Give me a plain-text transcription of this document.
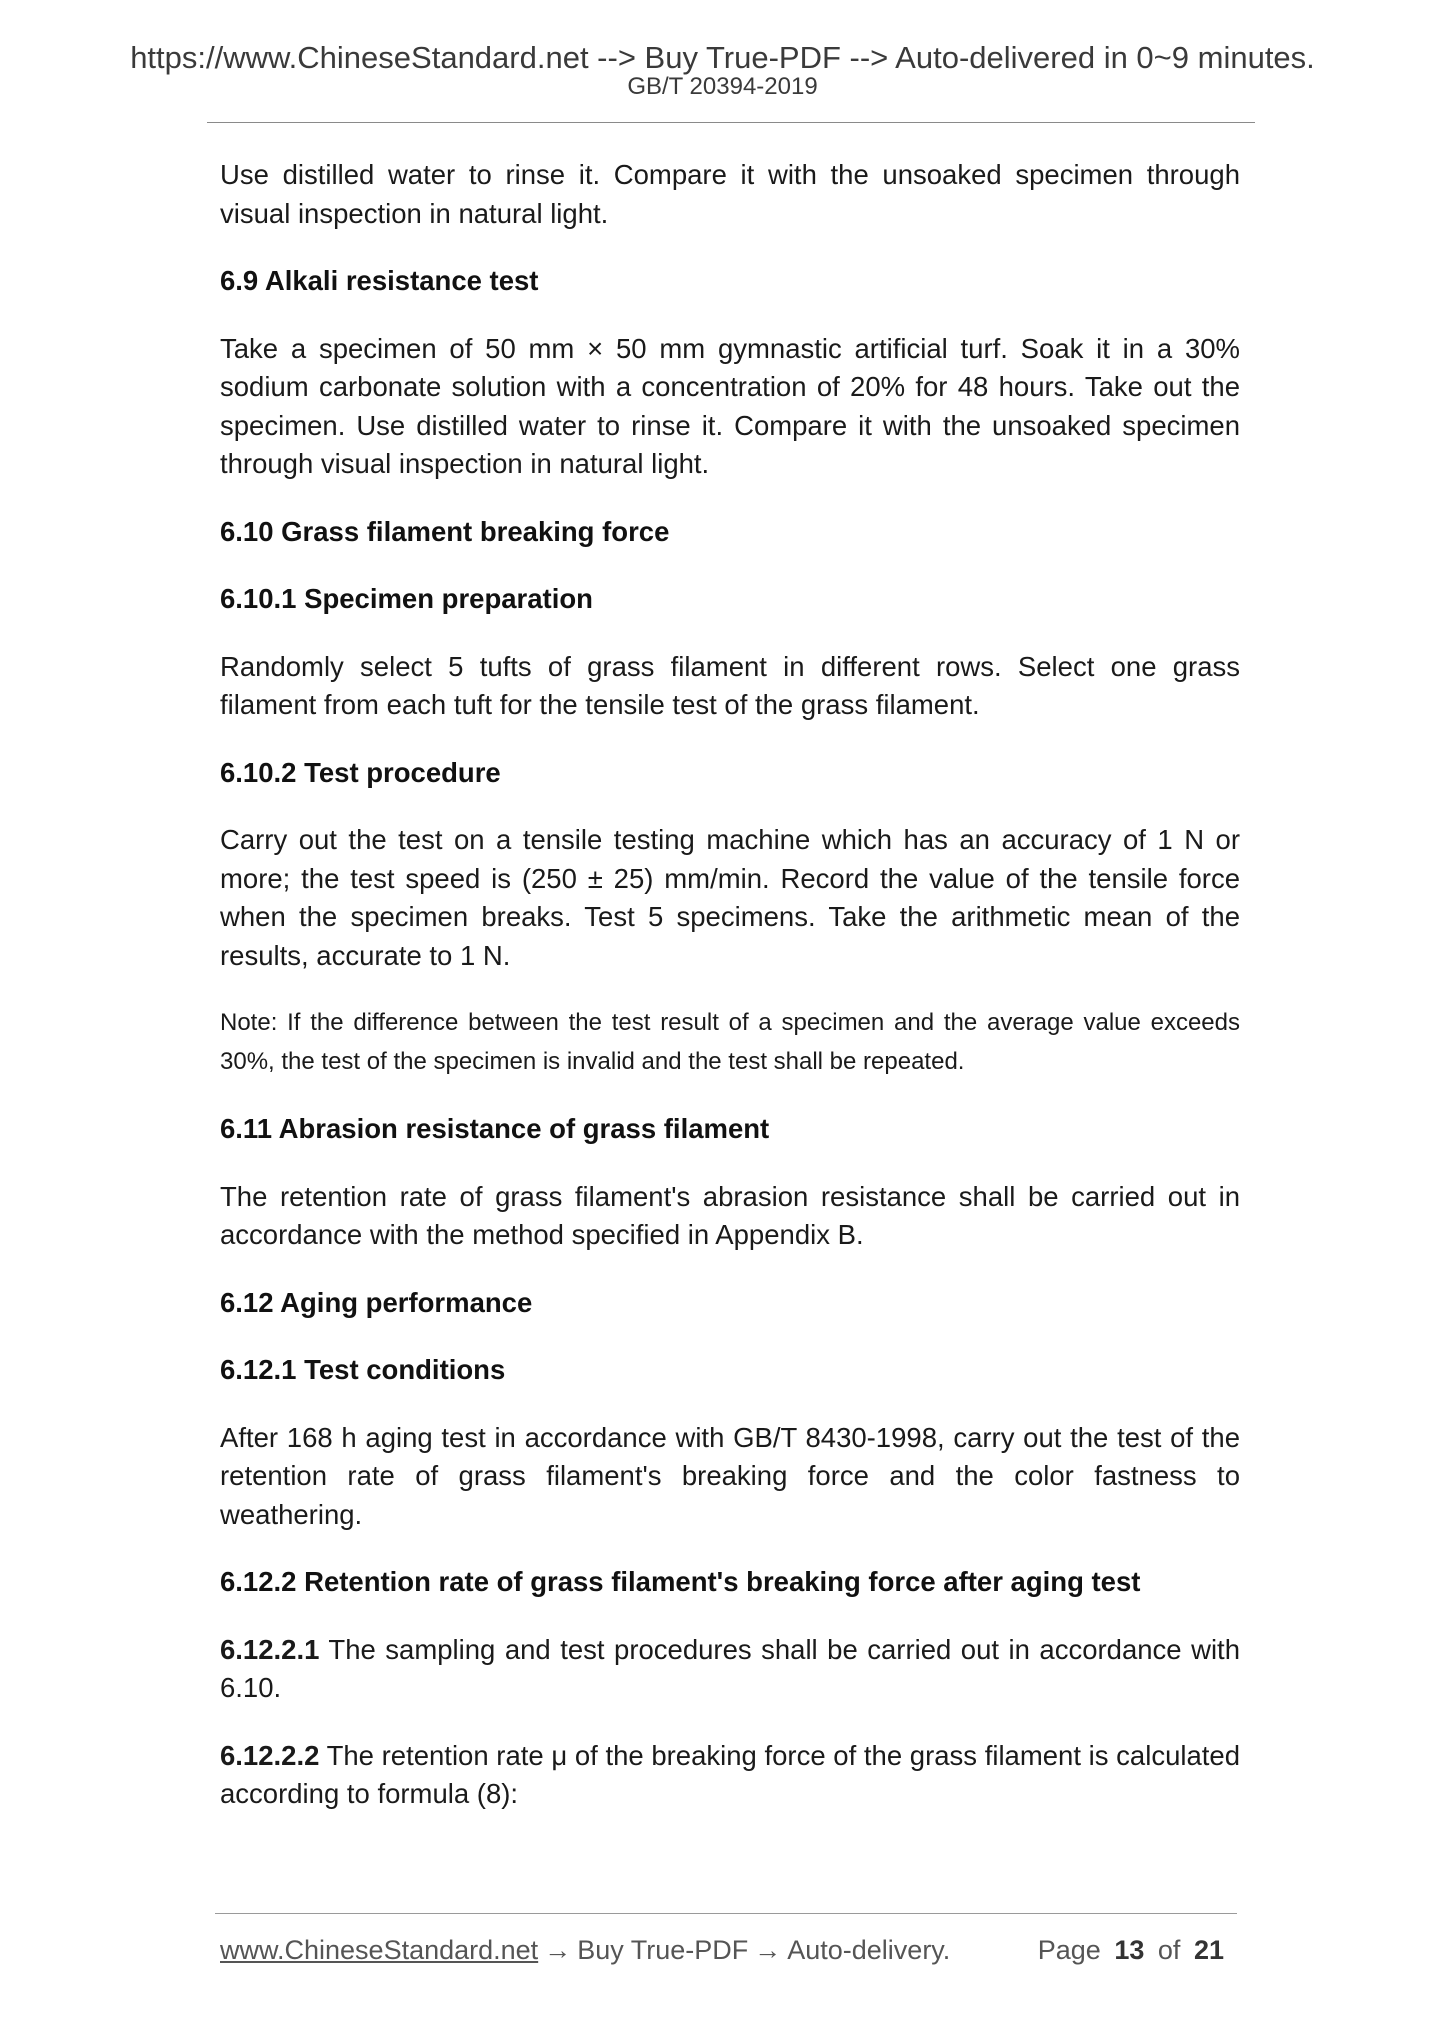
https://www.ChineseStandard.net --> Buy True-PDF --> Auto-delivered in 0~9 minutes.
GB/T 20394-2019

Use distilled water to rinse it. Compare it with the unsoaked specimen through visual inspection in natural light.

6.9 Alkali resistance test

Take a specimen of 50 mm × 50 mm gymnastic artificial turf. Soak it in a 30% sodium carbonate solution with a concentration of 20% for 48 hours. Take out the specimen. Use distilled water to rinse it. Compare it with the unsoaked specimen through visual inspection in natural light.

6.10 Grass filament breaking force
6.10.1 Specimen preparation

Randomly select 5 tufts of grass filament in different rows. Select one grass filament from each tuft for the tensile test of the grass filament.

6.10.2 Test procedure

Carry out the test on a tensile testing machine which has an accuracy of 1 N or more; the test speed is (250 ± 25) mm/min. Record the value of the tensile force when the specimen breaks. Test 5 specimens. Take the arithmetic mean of the results, accurate to 1 N.

Note: If the difference between the test result of a specimen and the average value exceeds 30%, the test of the specimen is invalid and the test shall be repeated.
6.11 Abrasion resistance of grass filament

The retention rate of grass filament's abrasion resistance shall be carried out in accordance with the method specified in Appendix B.

6.12 Aging performance
6.12.1 Test conditions

After 168 h aging test in accordance with GB/T 8430-1998, carry out the test of the retention rate of grass filament's breaking force and the color fastness to weathering.

6.12.2 Retention rate of grass filament's breaking force after aging test

6.12.2.1 The sampling and test procedures shall be carried out in accordance with 6.10.

6.12.2.2 The retention rate μ of the breaking force of the grass filament is calculated according to formula (8):

www.ChineseStandard.net → Buy True-PDF → Auto-delivery.	Page 13 of 21
